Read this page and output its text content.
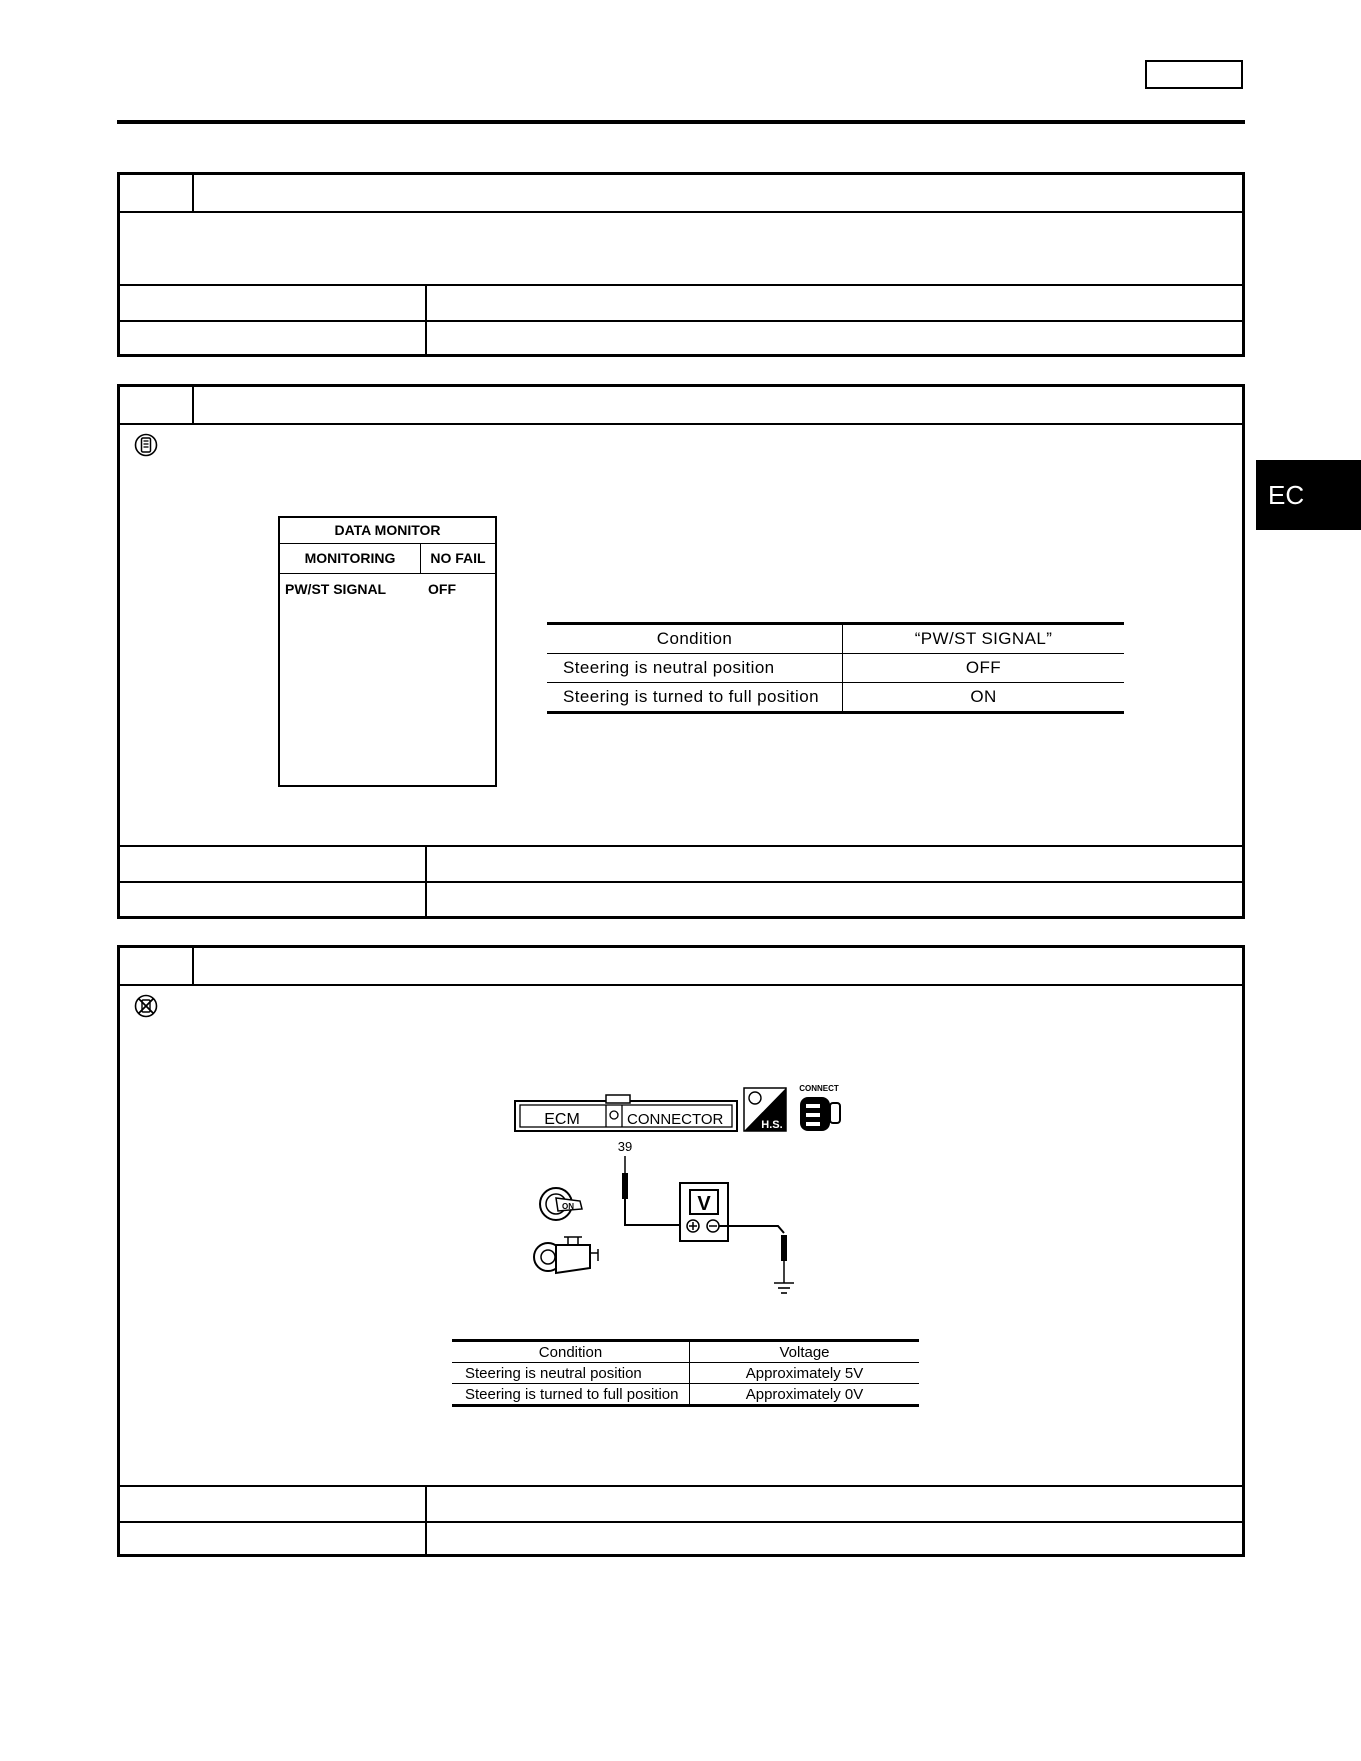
EC
DATA MONITOR
MONITORING	NO FAIL
PW/ST SIGNAL	OFF
Condition	“PW/ST SIGNAL”
Steering is neutral position	OFF
Steering is turned to full position	ON
ECM	CONNECTOR	H.S.
CONNECT
39
V
ON
Condition	Voltage
Steering is neutral position	Approximately 5V
Steering is turned to full position	Approximately 0V
